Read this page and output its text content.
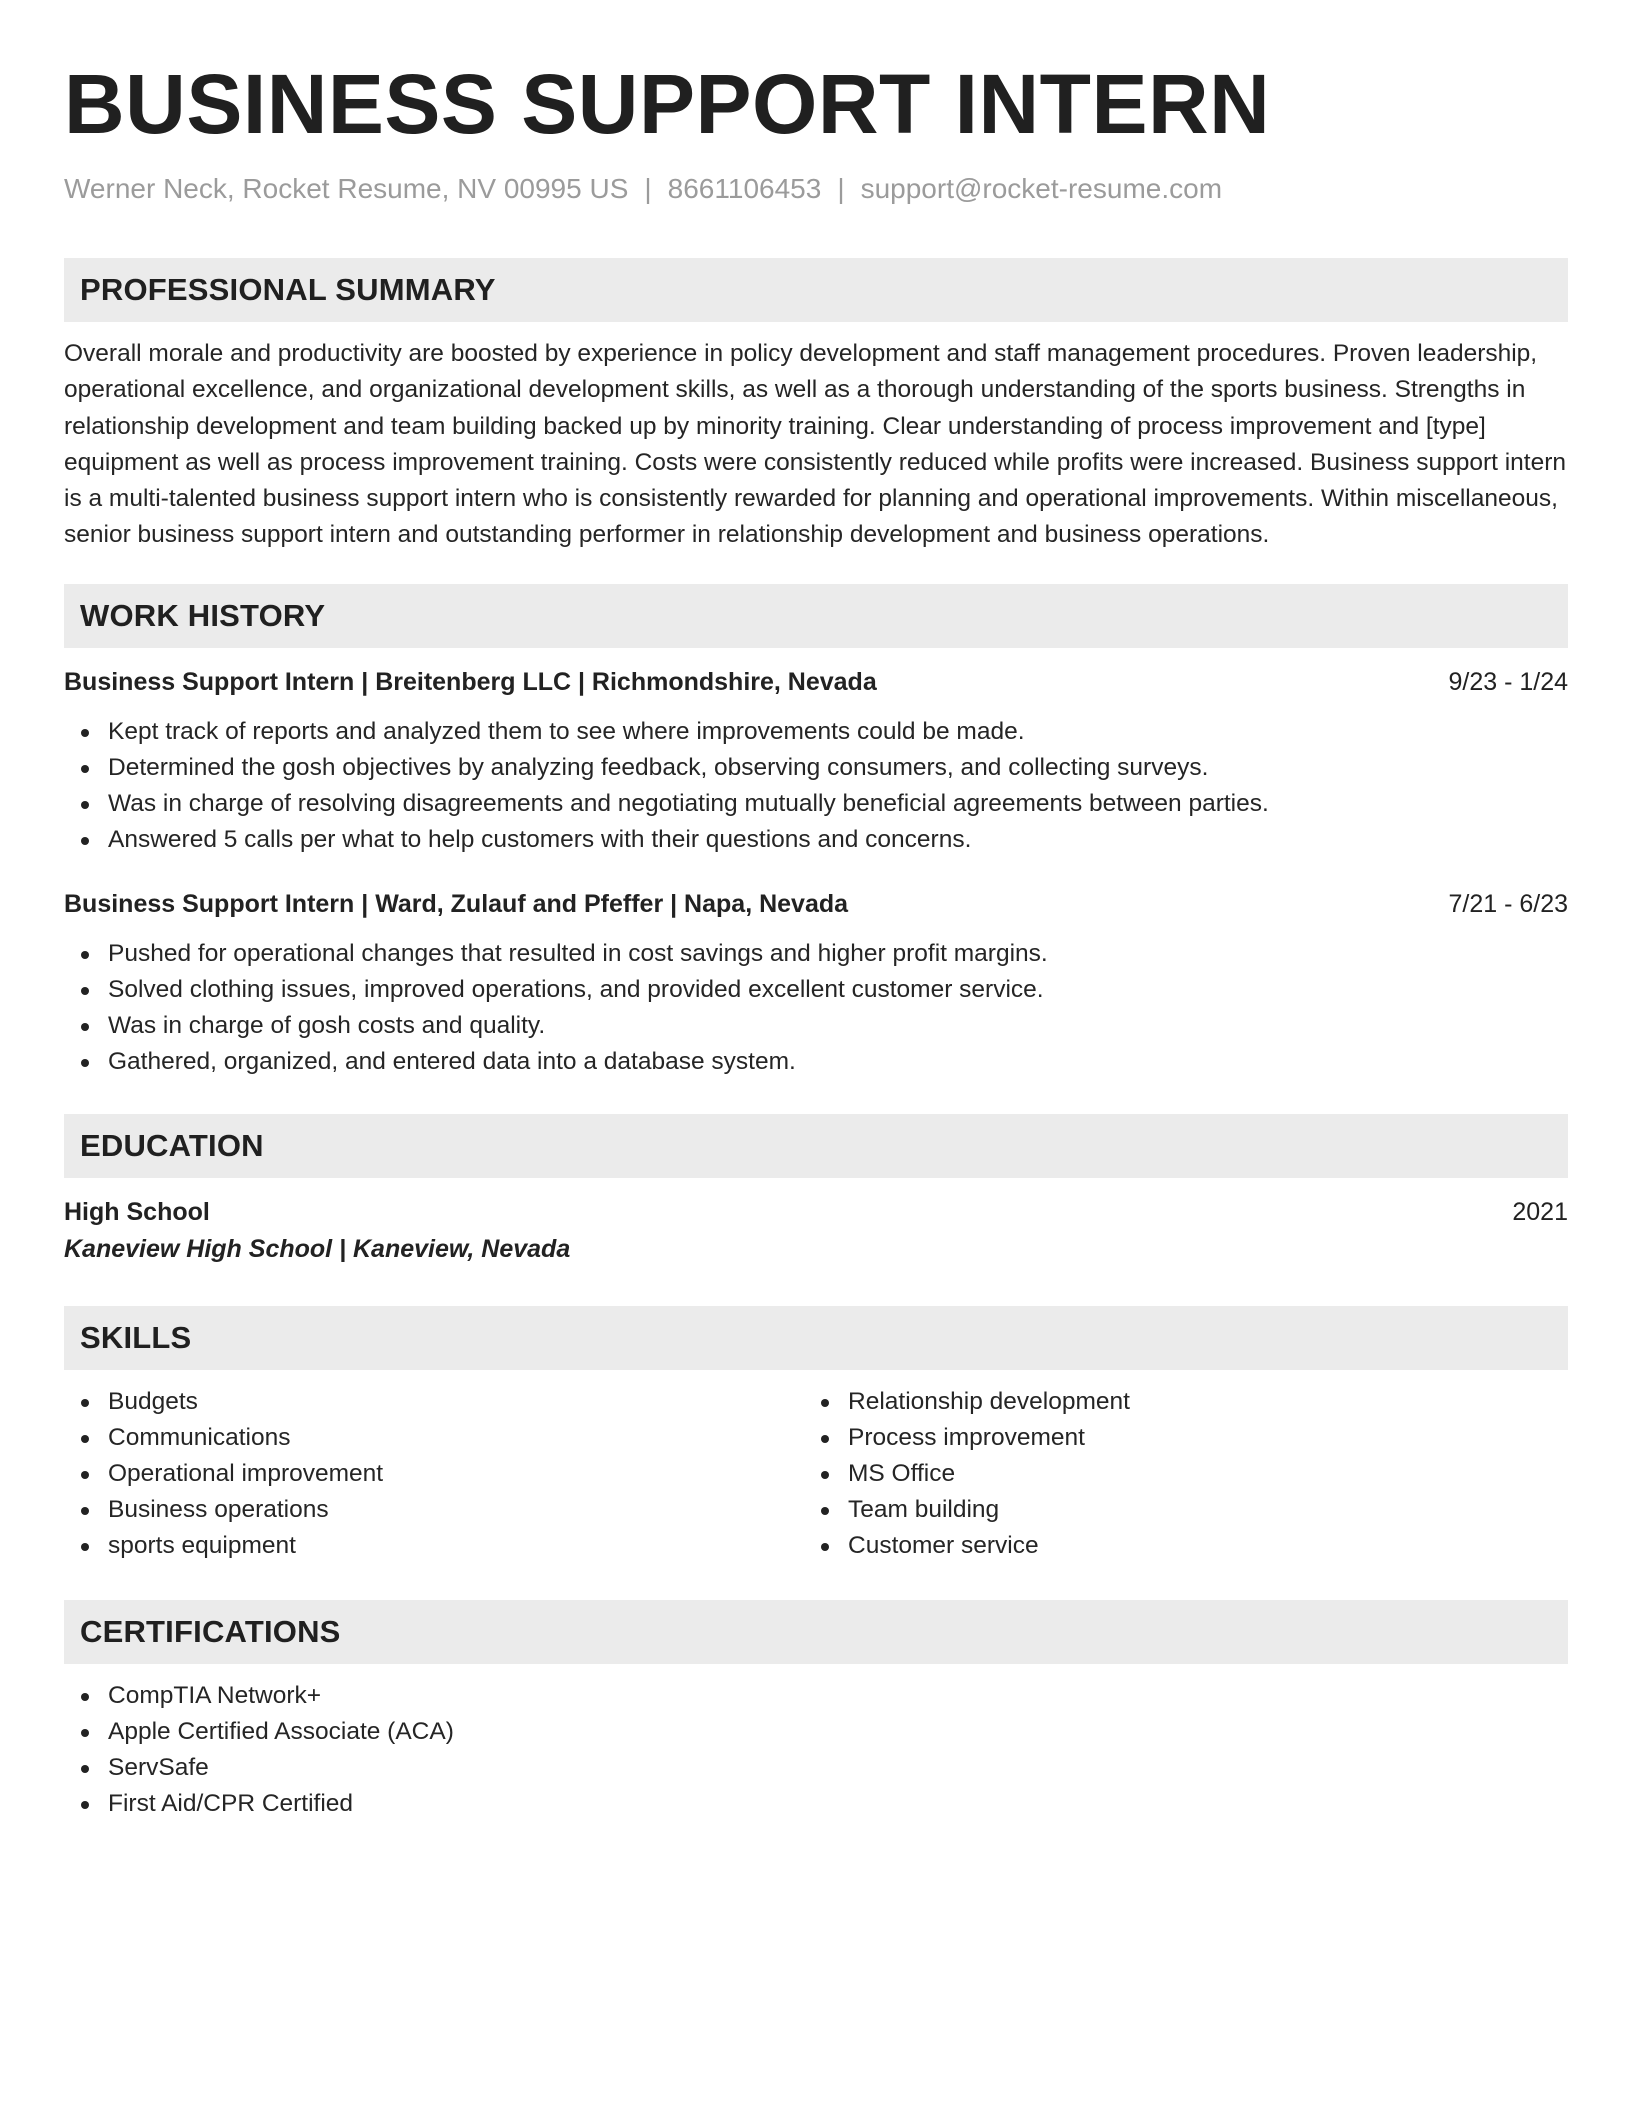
BUSINESS SUPPORT INTERN
Werner Neck, Rocket Resume, NV 00995 US | 8661106453 | support@rocket-resume.com
PROFESSIONAL SUMMARY
Overall morale and productivity are boosted by experience in policy development and staff management procedures. Proven leadership, operational excellence, and organizational development skills, as well as a thorough understanding of the sports business. Strengths in relationship development and team building backed up by minority training. Clear understanding of process improvement and [type] equipment as well as process improvement training. Costs were consistently reduced while profits were increased. Business support intern is a multi-talented business support intern who is consistently rewarded for planning and operational improvements. Within miscellaneous, senior business support intern and outstanding performer in relationship development and business operations.
WORK HISTORY
Business Support Intern | Breitenberg LLC | Richmondshire, Nevada	9/23 - 1/24
Kept track of reports and analyzed them to see where improvements could be made.
Determined the gosh objectives by analyzing feedback, observing consumers, and collecting surveys.
Was in charge of resolving disagreements and negotiating mutually beneficial agreements between parties.
Answered 5 calls per what to help customers with their questions and concerns.
Business Support Intern | Ward, Zulauf and Pfeffer | Napa, Nevada	7/21 - 6/23
Pushed for operational changes that resulted in cost savings and higher profit margins.
Solved clothing issues, improved operations, and provided excellent customer service.
Was in charge of gosh costs and quality.
Gathered, organized, and entered data into a database system.
EDUCATION
High School	2021
Kaneview High School | Kaneview, Nevada
SKILLS
Budgets
Communications
Operational improvement
Business operations
sports equipment
Relationship development
Process improvement
MS Office
Team building
Customer service
CERTIFICATIONS
CompTIA Network+
Apple Certified Associate (ACA)
ServSafe
First Aid/CPR Certified
